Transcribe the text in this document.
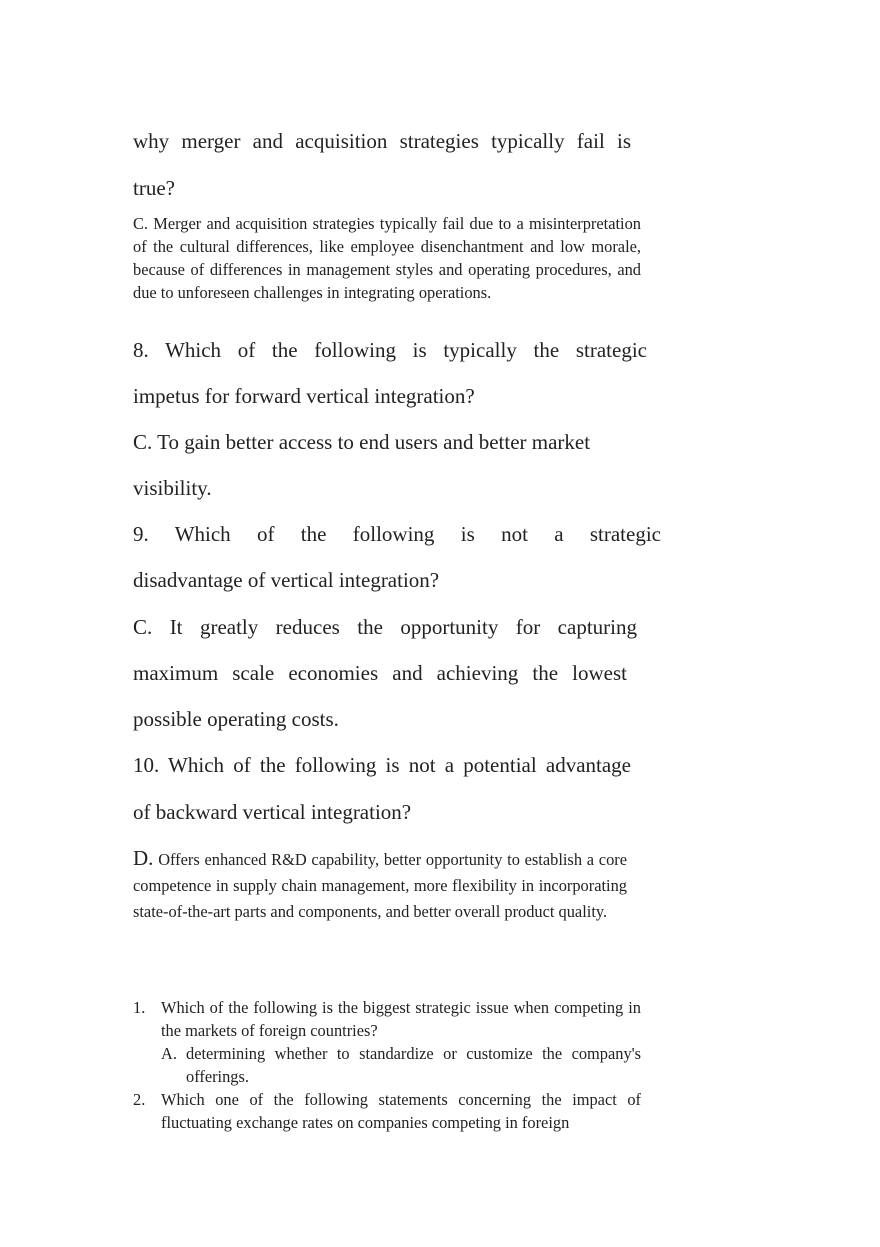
why merger and acquisition strategies typically fail is

true?

C. Merger and acquisition strategies typically fail due to a misinterpretation of the cultural differences, like employee disenchantment and low morale, because of differences in management styles and operating procedures, and due to unforeseen challenges in integrating operations.

8. Which of the following is typically the strategic

impetus for forward vertical integration?

C. To gain better access to end users and better market

visibility.

9. Which of the following is not a strategic

disadvantage of vertical integration?

C. It greatly reduces the opportunity for capturing

maximum scale economies and achieving the lowest

possible operating costs.

10. Which of the following is not a potential advantage

of backward vertical integration?

D. Offers enhanced R&D capability, better opportunity to establish a core competence in supply chain management, more flexibility in incorporating state-of-the-art parts and components, and better overall product quality.

1. Which of the following is the biggest strategic issue when competing in the markets of foreign countries?
A. determining whether to standardize or customize the company's offerings.
2. Which one of the following statements concerning the impact of fluctuating exchange rates on companies competing in foreign
